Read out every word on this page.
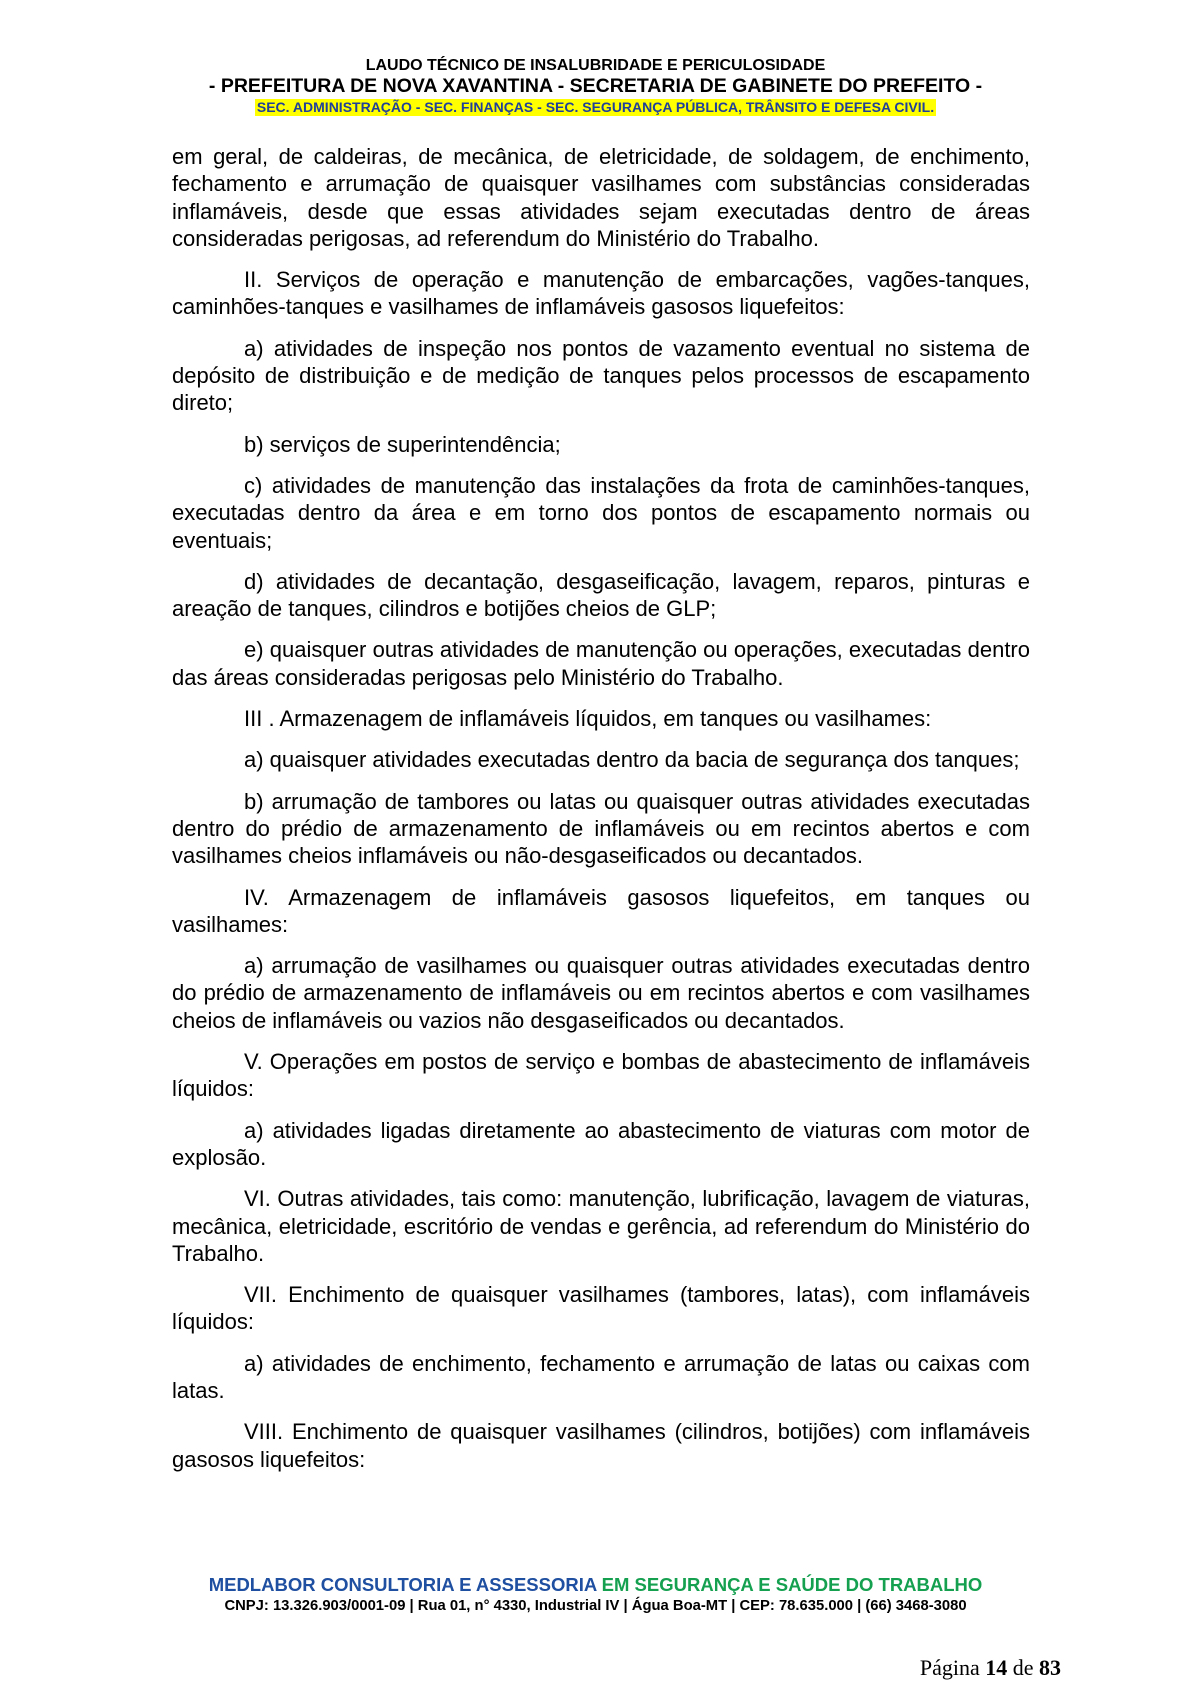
LAUDO TÉCNICO DE INSALUBRIDADE E PERICULOSIDADE
- PREFEITURA DE NOVA XAVANTINA - SECRETARIA DE GABINETE DO PREFEITO -
SEC. ADMINISTRAÇÃO - SEC. FINANÇAS - SEC. SEGURANÇA PÚBLICA, TRÂNSITO E DEFESA CIVIL.

em geral, de caldeiras, de mecânica, de eletricidade, de soldagem, de enchimento, fechamento e arrumação de quaisquer vasilhames com substâncias consideradas inflamáveis, desde que essas atividades sejam executadas dentro de áreas consideradas perigosas, ad referendum do Ministério do Trabalho.

II. Serviços de operação e manutenção de embarcações, vagões-tanques, caminhões-tanques e vasilhames de inflamáveis gasosos liquefeitos:

a) atividades de inspeção nos pontos de vazamento eventual no sistema de depósito de distribuição e de medição de tanques pelos processos de escapamento direto;

b) serviços de superintendência;

c) atividades de manutenção das instalações da frota de caminhões-tanques, executadas dentro da área e em torno dos pontos de escapamento normais ou eventuais;

d) atividades de decantação, desgaseificação, lavagem, reparos, pinturas e areação de tanques, cilindros e botijões cheios de GLP;

e) quaisquer outras atividades de manutenção ou operações, executadas dentro das áreas consideradas perigosas pelo Ministério do Trabalho.

III . Armazenagem de inflamáveis líquidos, em tanques ou vasilhames:

a) quaisquer atividades executadas dentro da bacia de segurança dos tanques;

b) arrumação de tambores ou latas ou quaisquer outras atividades executadas dentro do prédio de armazenamento de inflamáveis ou em recintos abertos e com vasilhames cheios inflamáveis ou não-desgaseificados ou decantados.

IV. Armazenagem de inflamáveis gasosos liquefeitos, em tanques ou vasilhames:

a) arrumação de vasilhames ou quaisquer outras atividades executadas dentro do prédio de armazenamento de inflamáveis ou em recintos abertos e com vasilhames cheios de inflamáveis ou vazios não desgaseificados ou decantados.

V. Operações em postos de serviço e bombas de abastecimento de inflamáveis líquidos:

a) atividades ligadas diretamente ao abastecimento de viaturas com motor de explosão.

VI. Outras atividades, tais como: manutenção, lubrificação, lavagem de viaturas, mecânica, eletricidade, escritório de vendas e gerência, ad referendum do Ministério do Trabalho.

VII. Enchimento de quaisquer vasilhames (tambores, latas), com inflamáveis líquidos:

a) atividades de enchimento, fechamento e arrumação de latas ou caixas com latas.

VIII. Enchimento de quaisquer vasilhames (cilindros, botijões) com inflamáveis gasosos liquefeitos:

MEDLABOR CONSULTORIA E ASSESSORIA EM SEGURANÇA E SAÚDE DO TRABALHO
CNPJ: 13.326.903/0001-09 | Rua 01, n° 4330, Industrial IV | Água Boa-MT | CEP: 78.635.000 | (66) 3468-3080
Página 14 de 83
